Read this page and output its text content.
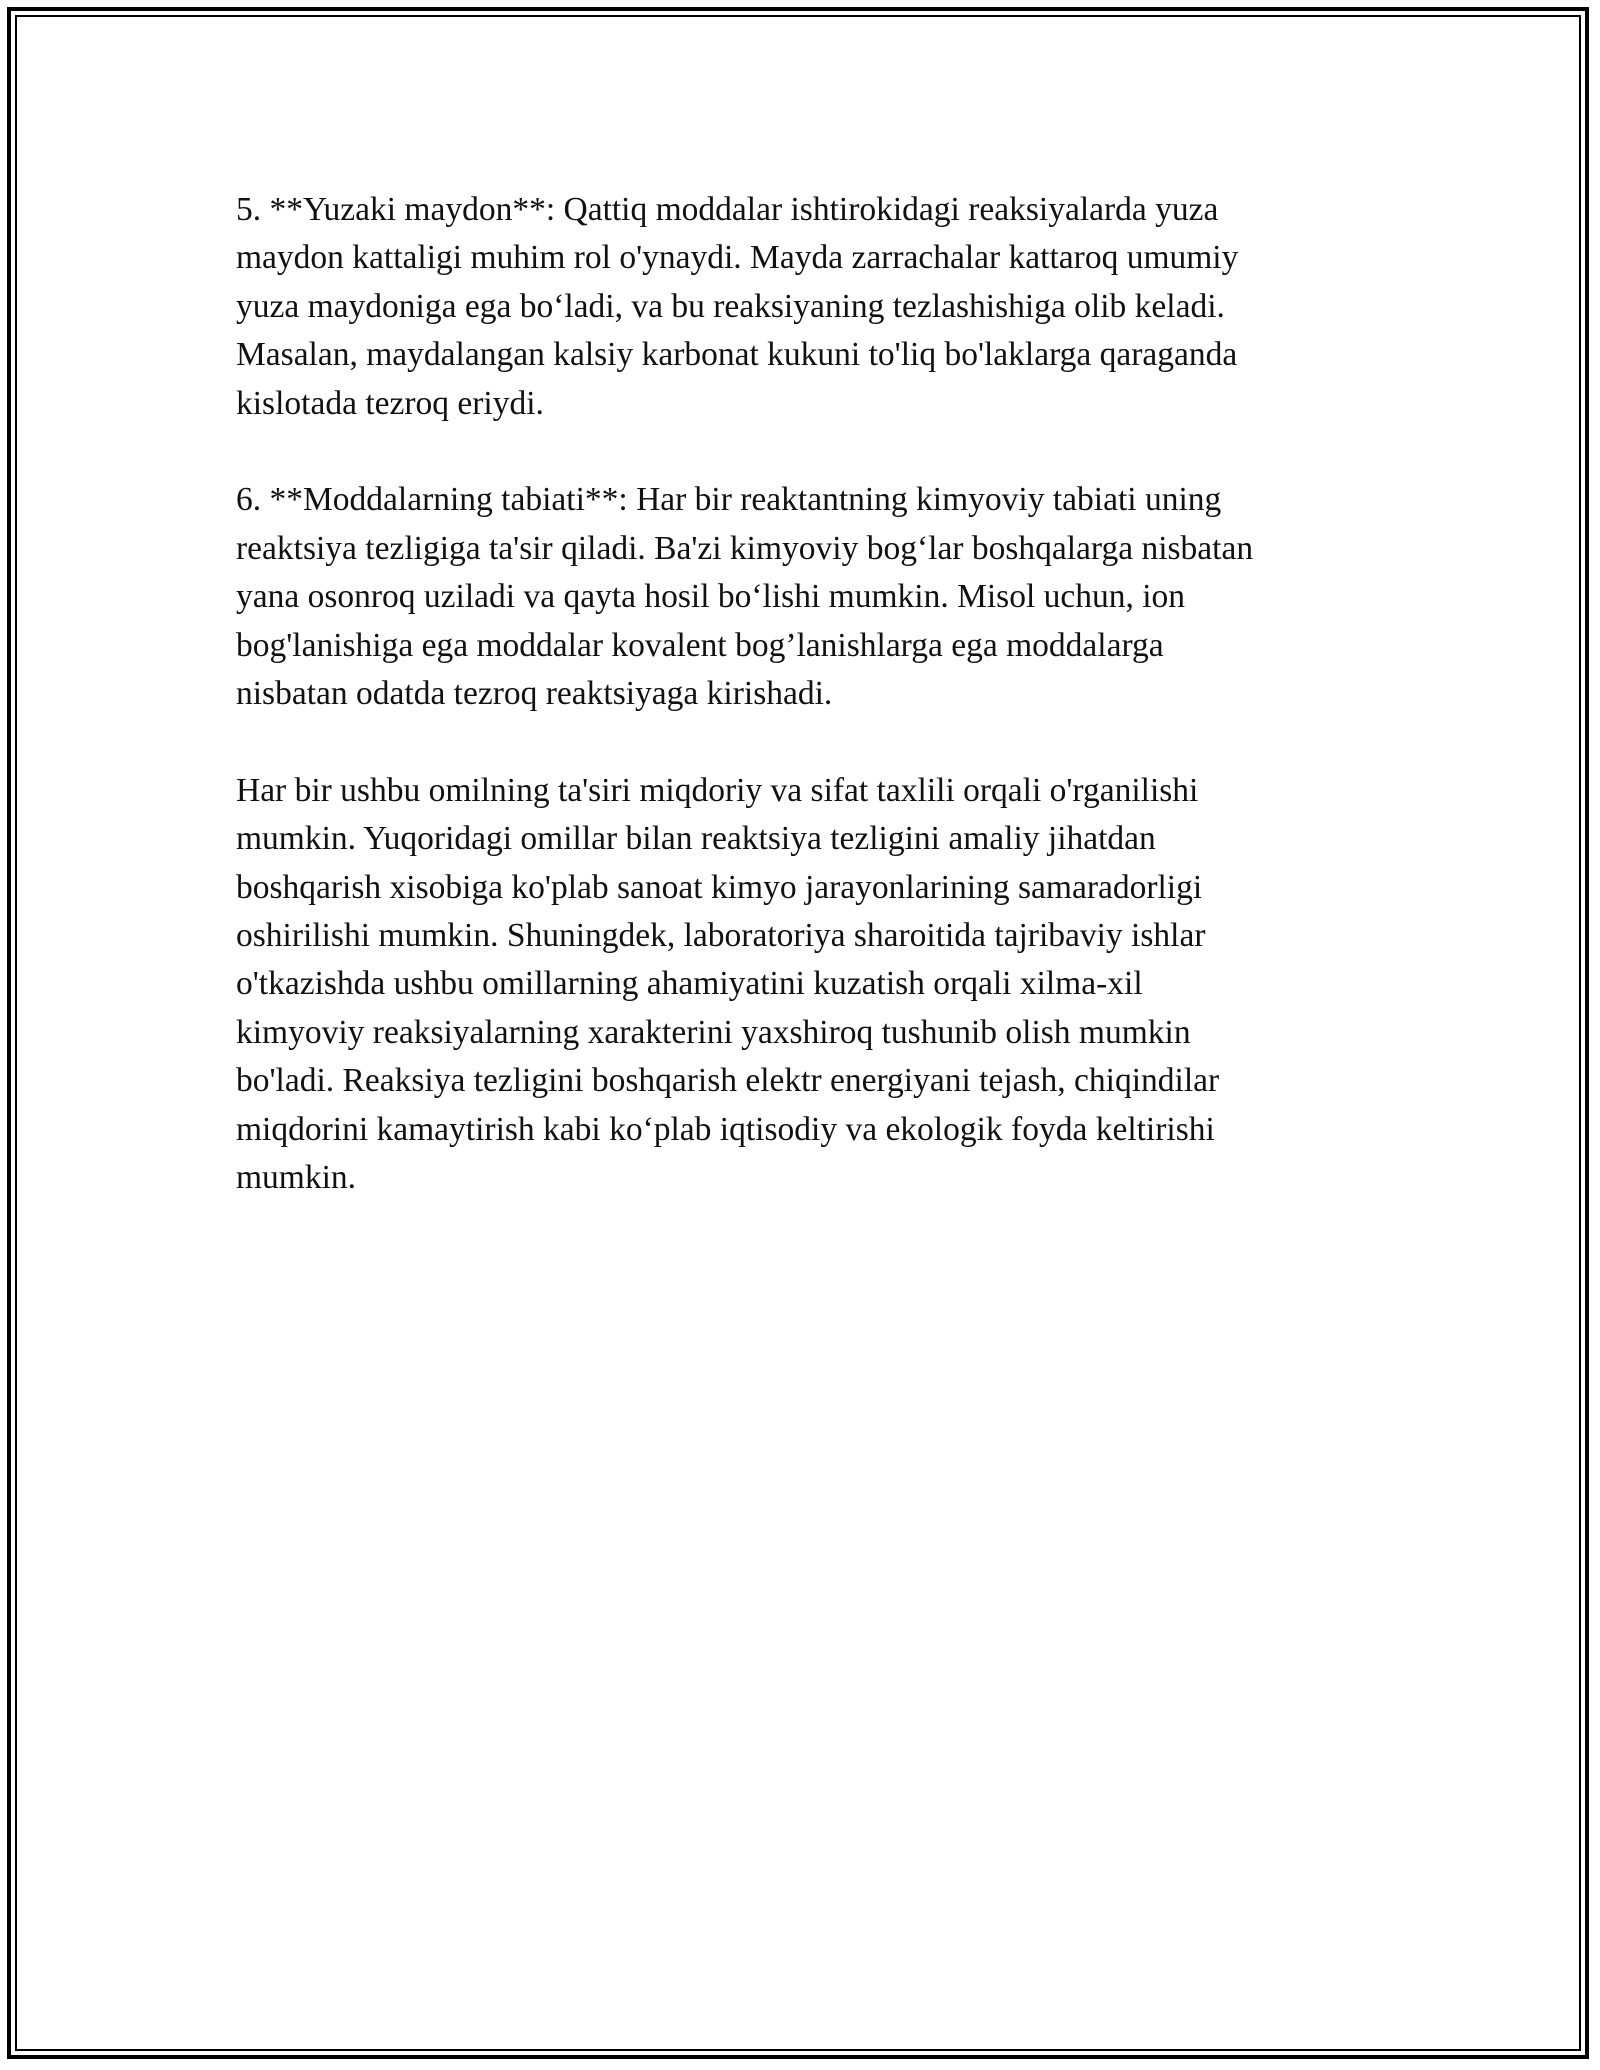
5. **Yuzaki maydon**: Qattiq moddalar ishtirokidagi reaksiyalarda yuza
maydon kattaligi muhim rol o'ynaydi. Mayda zarrachalar kattaroq umumiy
yuza maydoniga ega bo‘ladi, va bu reaksiyaning tezlashishiga olib keladi.
Masalan, maydalangan kalsiy karbonat kukuni to'liq bo'laklarga qaraganda
kislotada tezroq eriydi.

6. **Moddalarning tabiati**: Har bir reaktantning kimyoviy tabiati uning
reaktsiya tezligiga ta'sir qiladi. Ba'zi kimyoviy bog‘lar boshqalarga nisbatan
yana osonroq uziladi va qayta hosil bo‘lishi mumkin. Misol uchun, ion
bog'lanishiga ega moddalar kovalent bog’lanishlarga ega moddalarga
nisbatan odatda tezroq reaktsiyaga kirishadi.

Har bir ushbu omilning ta'siri miqdoriy va sifat taxlili orqali o'rganilishi
mumkin. Yuqoridagi omillar bilan reaktsiya tezligini amaliy jihatdan
boshqarish xisobiga ko'plab sanoat kimyo jarayonlarining samaradorligi
oshirilishi mumkin. Shuningdek, laboratoriya sharoitida tajribaviy ishlar
o'tkazishda ushbu omillarning ahamiyatini kuzatish orqali xilma-xil
kimyoviy reaksiyalarning xarakterini yaxshiroq tushunib olish mumkin
bo'ladi. Reaksiya tezligini boshqarish elektr energiyani tejash, chiqindilar
miqdorini kamaytirish kabi ko‘plab iqtisodiy va ekologik foyda keltirishi
mumkin.
